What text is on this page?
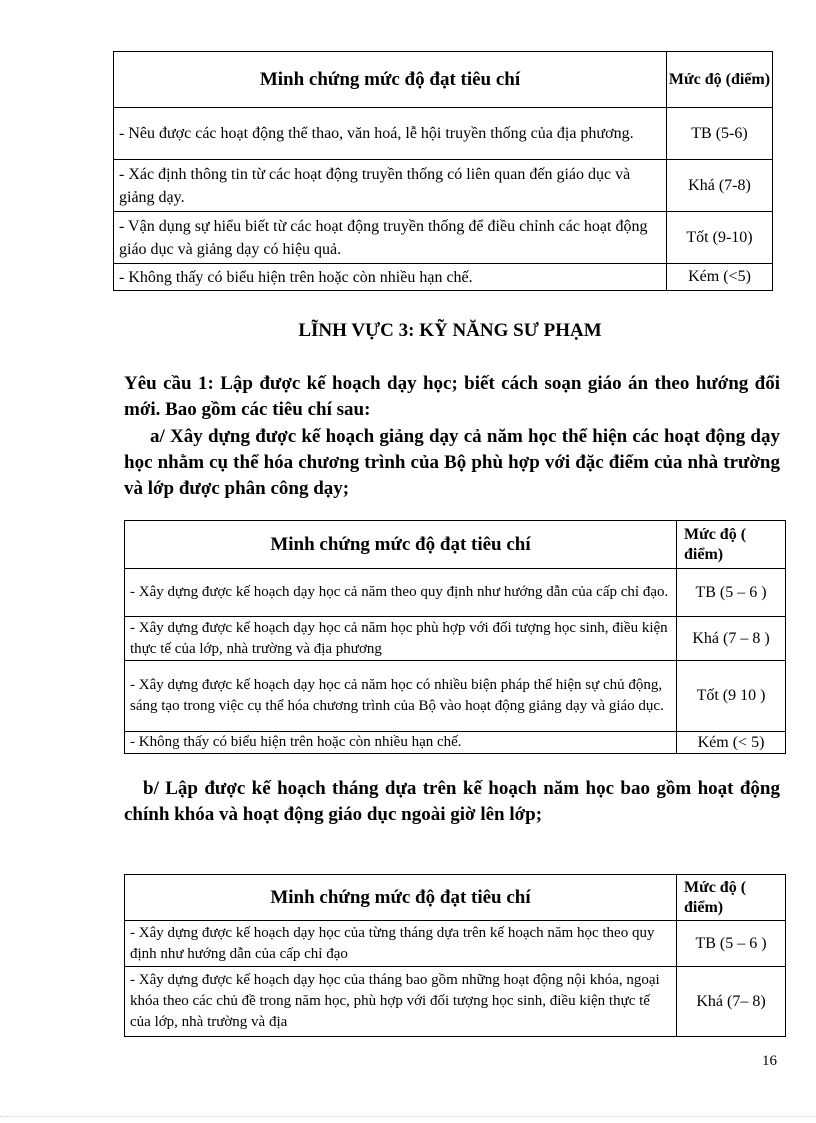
Minh chứng mức độ đạt tiêu chí	Mức độ (điểm)
- Nêu được các hoạt động thể thao, văn hoá, lễ hội truyền thống của địa phương.	TB (5-6)
- Xác định thông tin từ các hoạt động truyền thống có liên quan đến giáo dục và giảng dạy.	Khá (7-8)
- Vận dụng sự hiểu biết từ các hoạt động truyền thống để điều chỉnh các hoạt động giáo dục và giảng dạy có hiệu quả.	Tốt (9-10)
- Không thấy có biểu hiện trên hoặc còn nhiều hạn chế.	Kém (<5)
LĨNH VỰC 3: KỸ NĂNG SƯ PHẠM
Yêu cầu 1: Lập được kế hoạch dạy học; biết cách soạn giáo án theo hướng đổi mới. Bao gồm các tiêu chí sau:
a/ Xây dựng được kế hoạch giảng dạy cả năm học thể hiện các hoạt động dạy học nhằm cụ thể hóa chương trình của Bộ phù hợp với đặc điểm của nhà trường và lớp được phân công dạy;
Minh chứng mức độ đạt tiêu chí	Mức độ ( điểm)
- Xây dựng được kế hoạch dạy học cả năm theo quy định như hướng dẫn của cấp chỉ đạo.	TB (5 – 6 )
- Xây dựng được kế hoạch dạy học cả năm học phù hợp với đối tượng học sinh, điều kiện thực tế của lớp, nhà trường và địa phương	Khá (7 – 8 )
- Xây dựng được kế hoạch dạy học cả năm học có nhiều biện pháp thể hiện sự chủ động, sáng tạo trong việc cụ thể hóa chương trình của Bộ vào hoạt động giảng dạy và giáo dục.	Tốt (9 10 )
- Không thấy có biểu hiện trên hoặc còn nhiều hạn chế.	Kém (< 5)
b/ Lập được kế hoạch tháng dựa trên kế hoạch năm học bao gồm hoạt động chính khóa và hoạt động giáo dục ngoài giờ lên lớp;
Minh chứng mức độ đạt tiêu chí	Mức độ ( điểm)
- Xây dựng được kế hoạch dạy học của từng tháng dựa trên kế hoạch năm học theo quy định như hướng dẫn của cấp chỉ đạo	TB (5 – 6 )
- Xây dựng được kế hoạch dạy học của tháng bao gồm những hoạt động nội khóa, ngoại khóa theo các chủ đề trong năm học, phù hợp với đối tượng học sinh, điều kiện thực tế của lớp, nhà trường và địa	Khá (7– 8)
16
